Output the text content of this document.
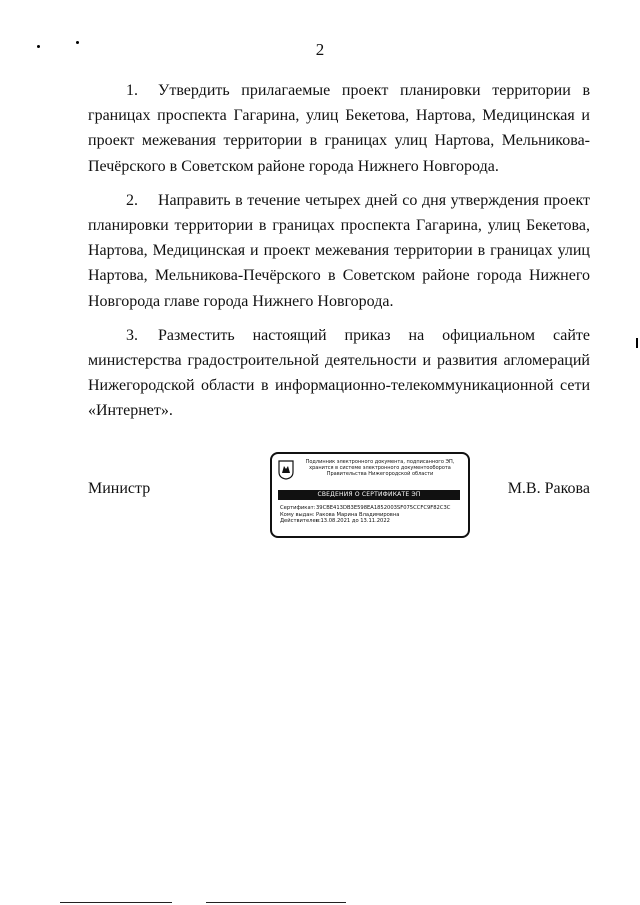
2

1. Утвердить прилагаемые проект планировки территории в границах проспекта Гагарина, улиц Бекетова, Нартова, Медицинская и проект межевания территории в границах улиц Нартова, Мельникова-Печёрского в Советском районе города Нижнего Новгорода.

2. Направить в течение четырех дней со дня утверждения проект планировки территории в границах проспекта Гагарина, улиц Бекетова, Нартова, Медицинская и проект межевания территории в границах улиц Нартова, Мельникова-Печёрского в Советском районе города Нижнего Новгорода главе города Нижнего Новгорода.

3. Разместить настоящий приказ на официальном сайте министерства градостроительной деятельности и развития агломераций Нижегородской области в информационно-телекоммуникационной сети «Интернет».

Министр	М.В. Ракова
Подлинник электронного документа, подписанного ЭП,
хранится в системе электронного документооборота
Правительства Нижегородской области
СВЕДЕНИЯ О СЕРТИФИКАТЕ ЭП
Сертификат:39CBE413DB3E598EA1852003SF075CCFC9F82C3C
Кому выдан:Ракова Марина Владимировна
Действителен:с 13.08.2021 до 13.11.2022
